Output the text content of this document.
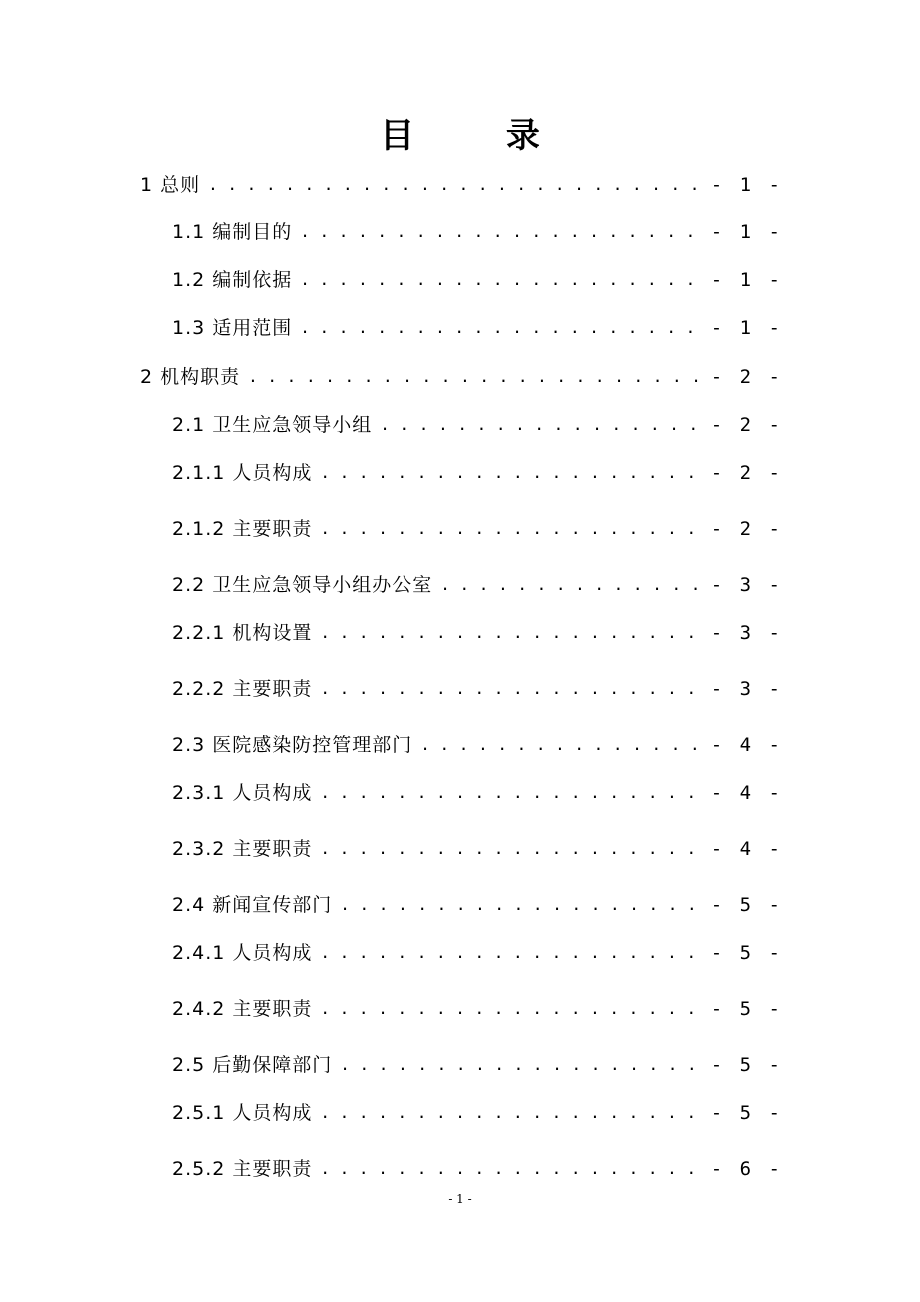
目 录
1 总则 . . .	- 1 -
1.1 编制目的 . . .	- 1 -
1.2 编制依据 . . .	- 1 -
1.3 适用范围 . . .	- 1 -
2 机构职责 . . .	- 2 -
2.1 卫生应急领导小组 . . .	- 2 -
2.1.1 人员构成 . . .	- 2 -
2.1.2 主要职责 . . .	- 2 -
2.2 卫生应急领导小组办公室 . . .	- 3 -
2.2.1 机构设置 . . .	- 3 -
2.2.2 主要职责 . . .	- 3 -
2.3 医院感染防控管理部门 . . .	- 4 -
2.3.1 人员构成 . . .	- 4 -
2.3.2 主要职责 . . .	- 4 -
2.4 新闻宣传部门 . . .	- 5 -
2.4.1 人员构成 . . .	- 5 -
2.4.2 主要职责 . . .	- 5 -
2.5 后勤保障部门 . . .	- 5 -
2.5.1 人员构成 . . .	- 5 -
2.5.2 主要职责 . . .	- 6 -
- 1 -
